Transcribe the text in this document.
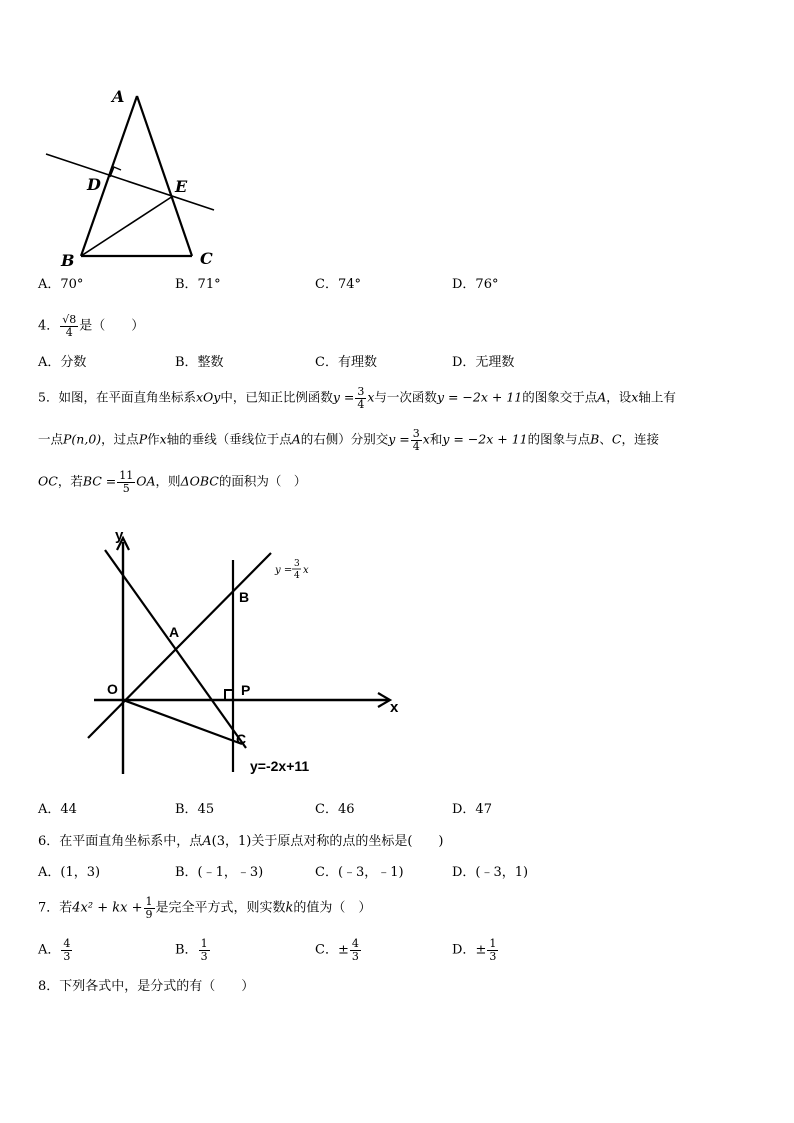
A
D	E
B	C
A．70°	B．71°	C．74°	D．76°
4． $\frac{√8}{4}$ 是（　　）
A．分数	B．整数	C．有理数	D．无理数
5．如图，在平面直角坐标系xOy中，已知正比例函数$y = \frac{3}{4}$ x与一次函数y = −2x + 11的图象交于点A，设x轴上有
一点P(n,0)，过点P作x轴的垂线（垂线位于点A的右侧）分别交$y = \frac{3}{4}$ x和y = −2x + 11的图象与点B、C，连接
OC，若BC = $\frac{11}{5}$ OA，则ΔOBC的面积为（　）
y
x
O
A
B
P
C
y =
3
4 x
y=-2x+11
A．44	B．45	C．46	D．47
6．在平面直角坐标系中，点A(3，1)关于原点对称的点的坐标是(　　)
A．(1，3)	B．(﹣1，﹣3)	C．(﹣3，﹣1)	D．(﹣3，1)
7．若4x² + kx + $\frac{1}{9}$ 是完全平方式，则实数k的值为（　）
A． $\frac{4}{3}$	B． $\frac{1}{3}$	C．± $\frac{4}{3}$	D．± $\frac{1}{3}$
8．下列各式中，是分式的有（　　）
